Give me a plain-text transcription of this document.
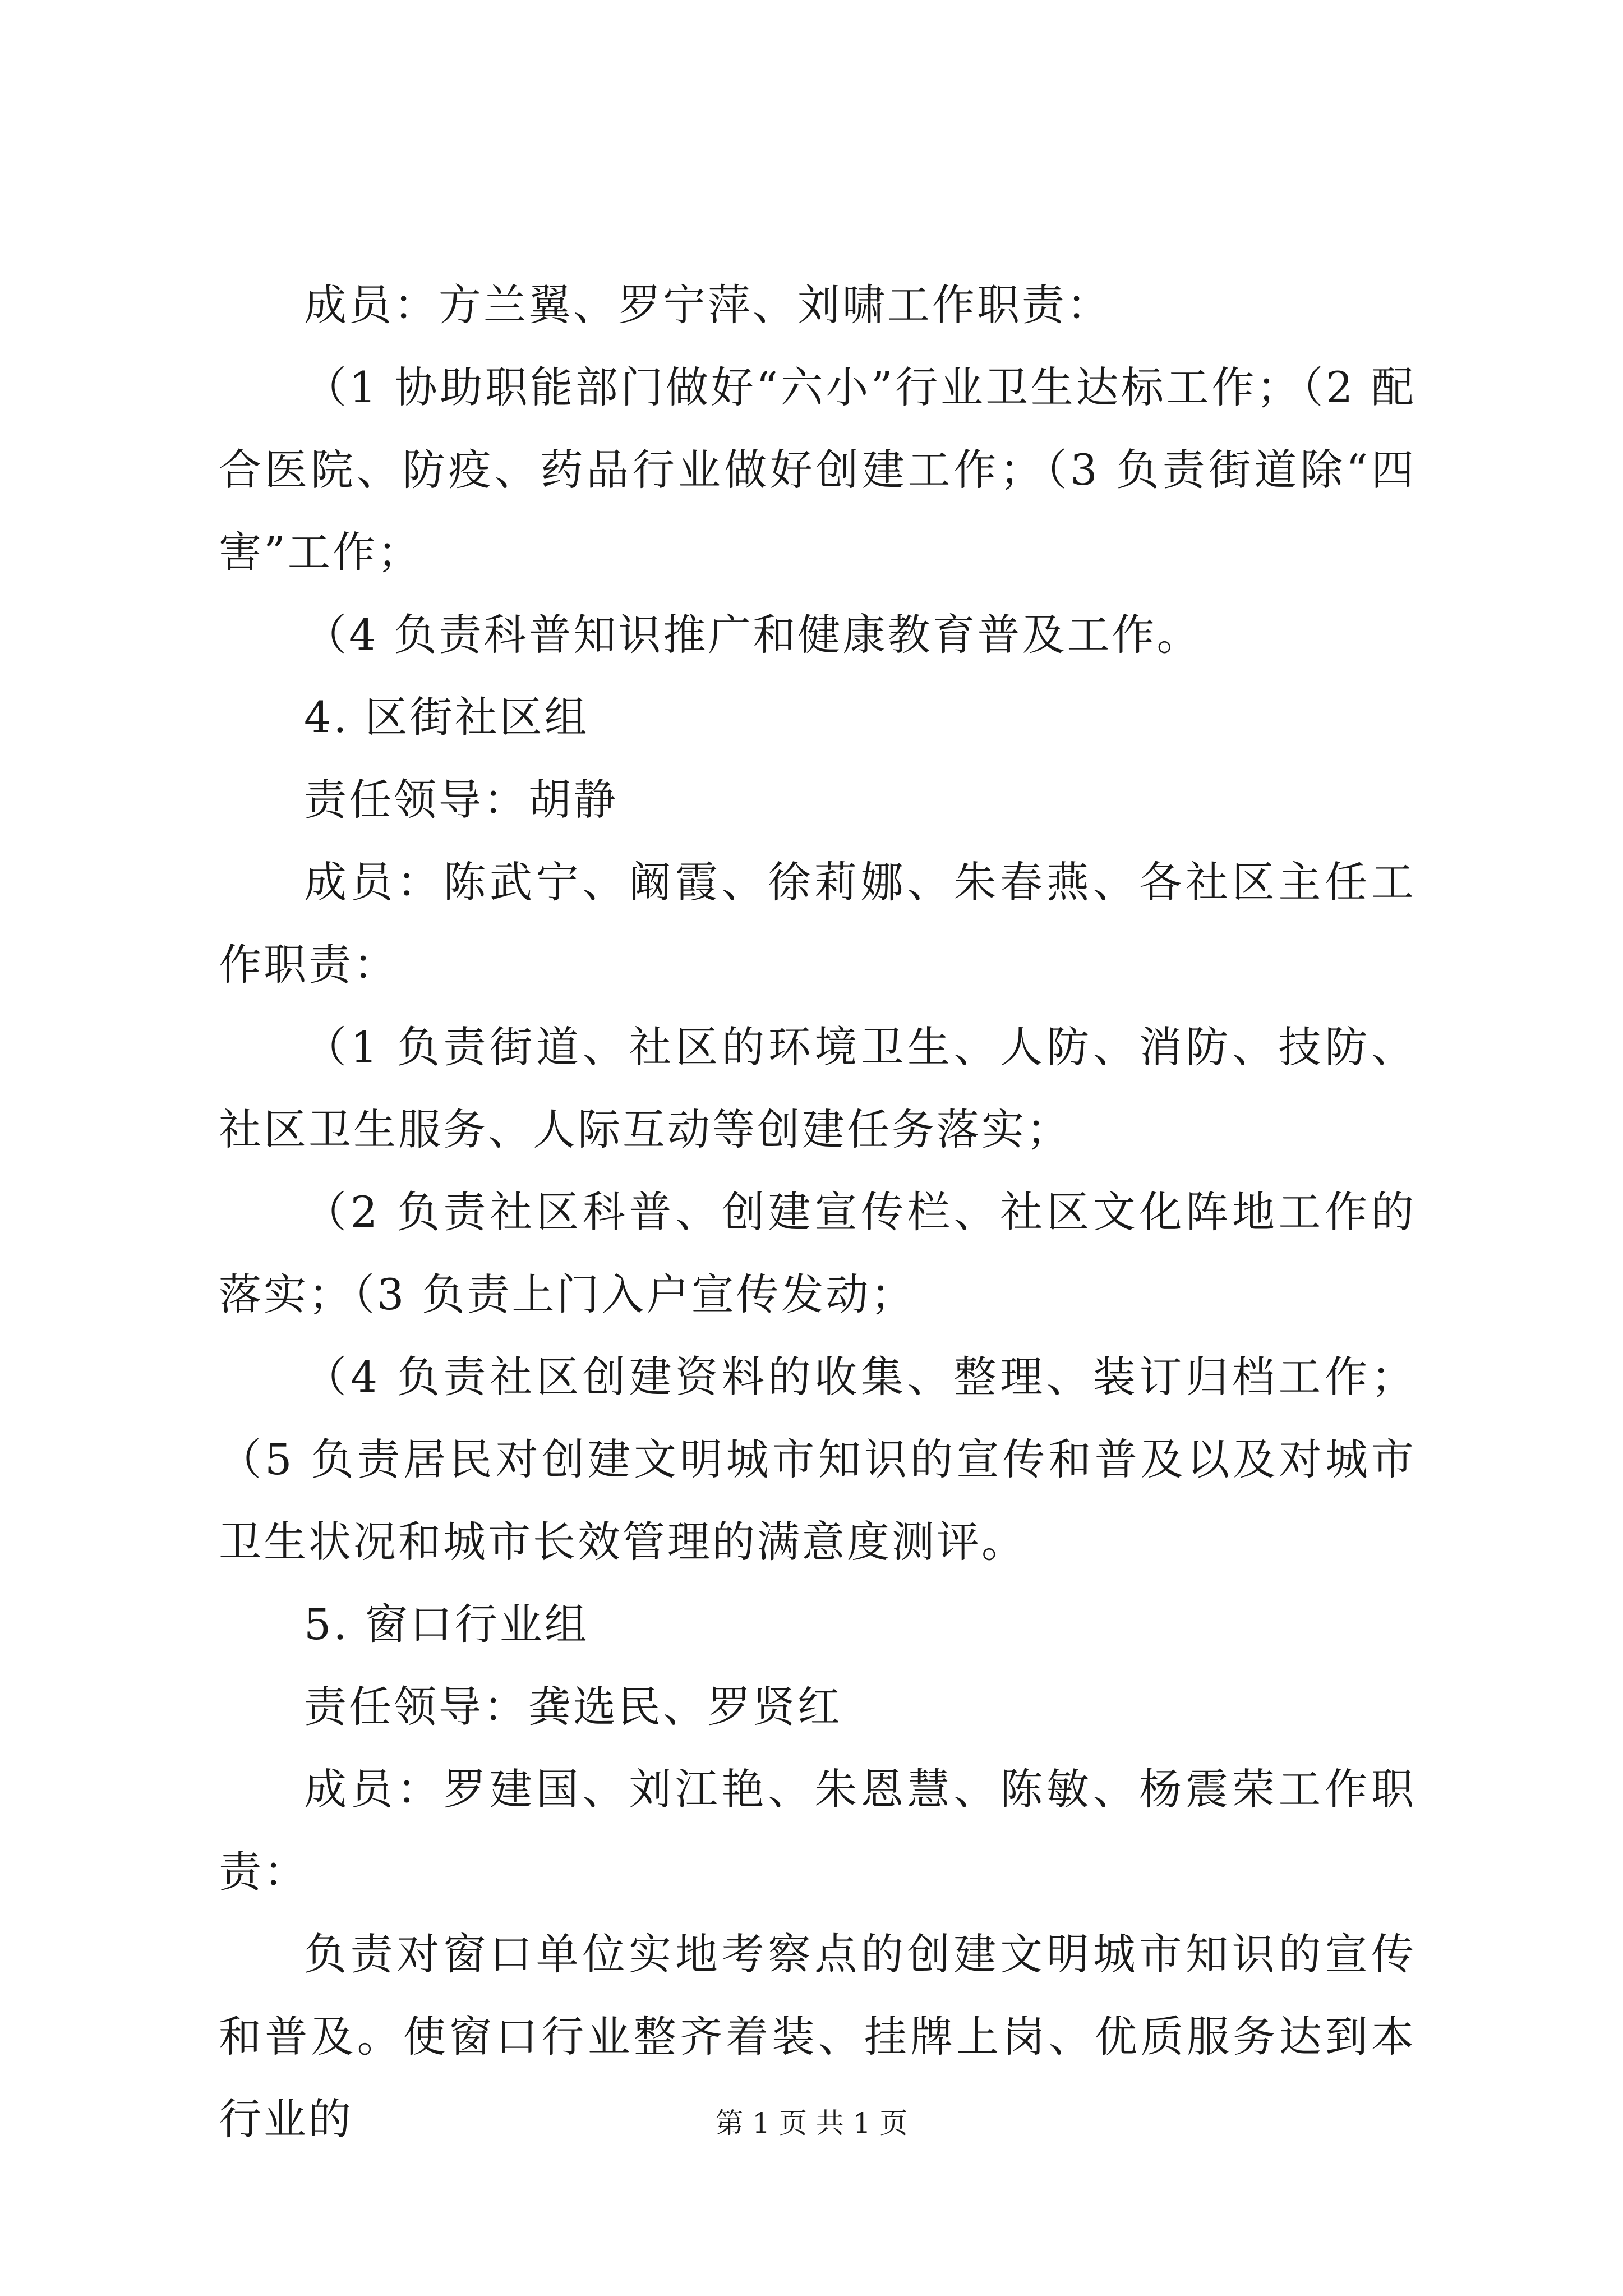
成员：方兰翼、罗宁萍、刘啸工作职责：

（1 协助职能部门做好“六小”行业卫生达标工作；（2 配合医院、防疫、药品行业做好创建工作；（3 负责街道除“四害”工作；

（4 负责科普知识推广和健康教育普及工作。

4. 区街社区组

责任领导：胡静

成员：陈武宁、阚霞、徐莉娜、朱春燕、各社区主任工作职责：

（1 负责街道、社区的环境卫生、人防、消防、技防、社区卫生服务、人际互动等创建任务落实；

（2 负责社区科普、创建宣传栏、社区文化阵地工作的落实；（3 负责上门入户宣传发动；

（4 负责社区创建资料的收集、整理、装订归档工作；（5 负责居民对创建文明城市知识的宣传和普及以及对城市卫生状况和城市长效管理的满意度测评。

5. 窗口行业组

责任领导：龚选民、罗贤红

成员：罗建国、刘江艳、朱恩慧、陈敏、杨震荣工作职责：

负责对窗口单位实地考察点的创建文明城市知识的宣传和普及。使窗口行业整齐着装、挂牌上岗、优质服务达到本行业的	第 1 页 共 1 页
